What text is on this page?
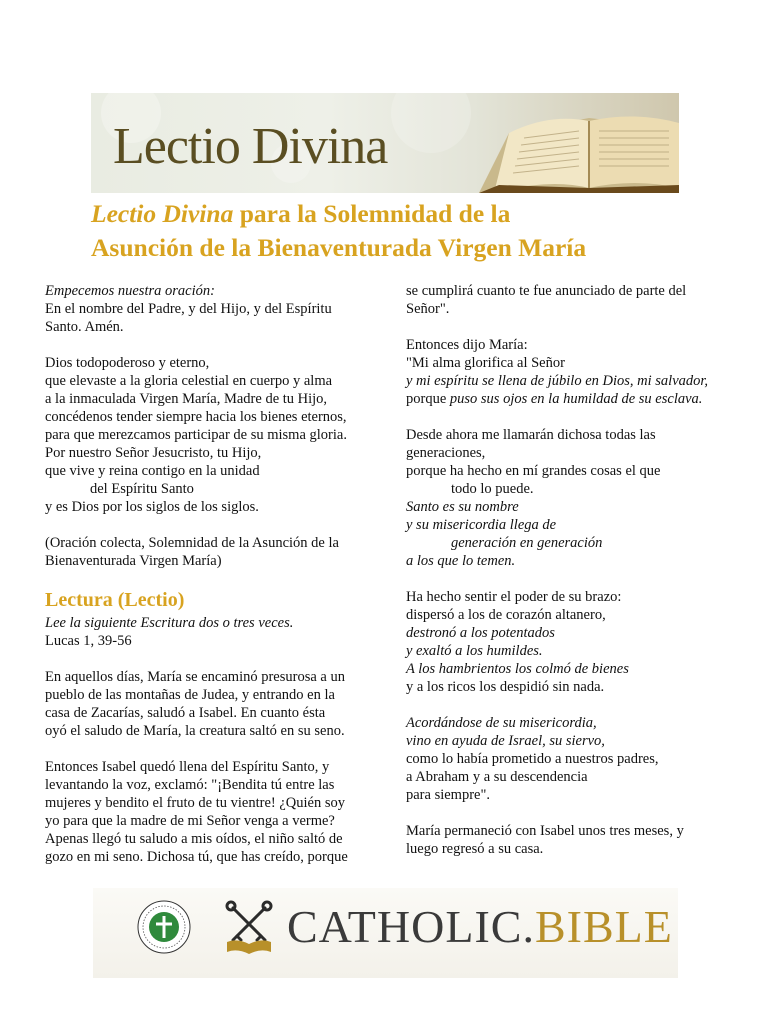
Lectio Divina
Lectio Divina para la Solemnidad de la
Asunción de la Bienaventurada Virgen María
Empecemos nuestra oración:
En el nombre del Padre, y del Hijo, y del Espíritu
Santo. Amén.
Dios todopoderoso y eterno,
que elevaste a la gloria celestial en cuerpo y alma
a la inmaculada Virgen María, Madre de tu Hijo,
concédenos tender siempre hacia los bienes eternos,
para que merezcamos participar de su misma gloria.
Por nuestro Señor Jesucristo, tu Hijo,
que vive y reina contigo en la unidad
del Espíritu Santo
y es Dios por los siglos de los siglos.
(Oración colecta, Solemnidad de la Asunción de la
Bienaventurada Virgen María)
Lectura (Lectio)
Lee la siguiente Escritura dos o tres veces.
Lucas 1, 39-56
En aquellos días, María se encaminó presurosa a un
pueblo de las montañas de Judea, y entrando en la
casa de Zacarías, saludó a Isabel. En cuanto ésta
oyó el saludo de María, la creatura saltó en su seno.
Entonces Isabel quedó llena del Espíritu Santo, y
levantando la voz, exclamó: "¡Bendita tú entre las
mujeres y bendito el fruto de tu vientre! ¿Quién soy
yo para que la madre de mi Señor venga a verme?
Apenas llegó tu saludo a mis oídos, el niño saltó de
gozo en mi seno. Dichosa tú, que has creído, porque
se cumplirá cuanto te fue anunciado de parte del
Señor".
Entonces dijo María:
"Mi alma glorifica al Señor
y mi espíritu se llena de júbilo en Dios, mi salvador,
porque puso sus ojos en la humildad de su esclava.
Desde ahora me llamarán dichosa todas las
generaciones,
porque ha hecho en mí grandes cosas el que
todo lo puede.
Santo es su nombre
y su misericordia llega de
generación en generación
a los que lo temen.
Ha hecho sentir el poder de su brazo:
dispersó a los de corazón altanero,
destronó a los potentados
y exaltó a los humildes.
A los hambrientos los colmó de bienes
y a los ricos los despidió sin nada.
Acordándose de su misericordia,
vino en ayuda de Israel, su siervo,
como lo había prometido a nuestros padres,
a Abraham y a su descendencia
para siempre".
María permaneció con Isabel unos tres meses, y
luego regresó a su casa.
CATHOLIC.BIBLE
